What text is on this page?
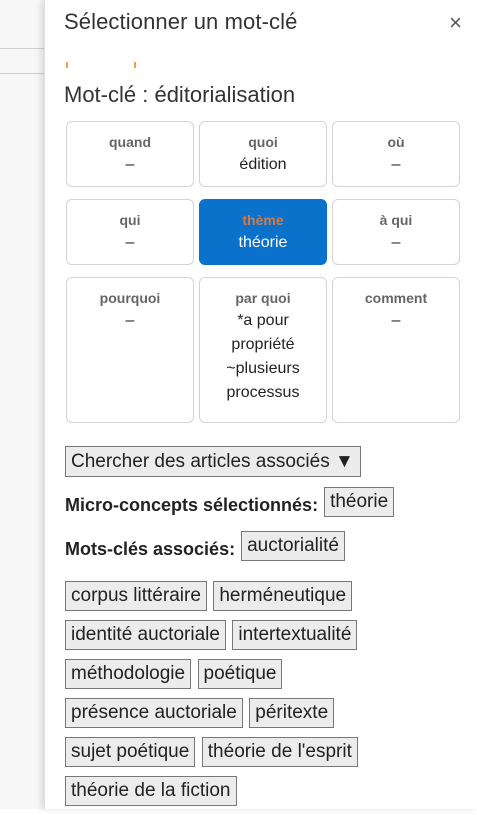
Sélectionner un mot-clé	×
Mot-clé : éditorialisation
quand
–
quoi
édition
où
–
qui
–
thème
théorie
à qui
–
pourquoi
–
par quoi
*a pour propriété ~plusieurs processus
comment
–
Chercher des articles associés ▼
Micro-concepts sélectionnés: théorie
Mots-clés associés: auctorialité
corpus littéraire herméneutique identité auctoriale intertextualité méthodologie poétique présence auctoriale péritexte sujet poétique théorie de l'esprit théorie de la fiction
